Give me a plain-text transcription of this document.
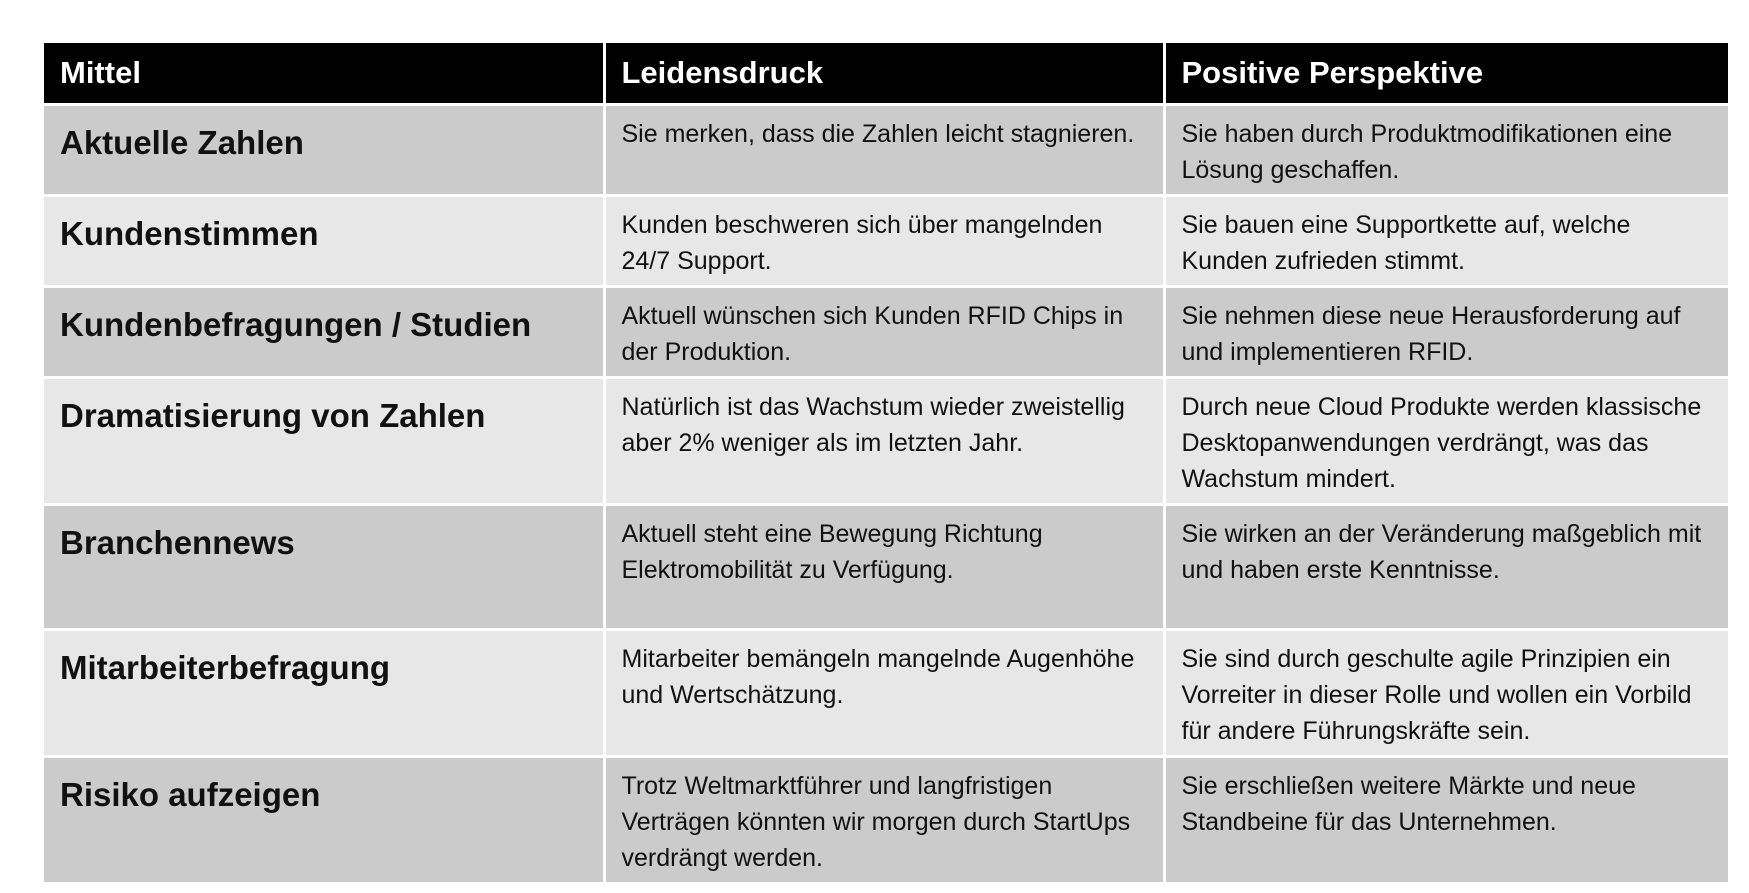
Mittel	Leidensdruck	Positive Perspektive
Aktuelle Zahlen	Sie merken, dass die Zahlen leicht stagnieren.	Sie haben durch Produktmodifikationen eine Lösung geschaffen.
Kundenstimmen	Kunden beschweren sich über mangelnden 24/7 Support.	Sie bauen eine Supportkette auf, welche Kunden zufrieden stimmt.
Kundenbefragungen / Studien	Aktuell wünschen sich Kunden RFID Chips in der Produktion.	Sie nehmen diese neue Herausforderung auf und implementieren RFID.
Dramatisierung von Zahlen	Natürlich ist das Wachstum wieder zweistellig aber 2% weniger als im letzten Jahr.	Durch neue Cloud Produkte werden klassische Desktopanwendungen verdrängt, was das Wachstum mindert.
Branchennews	Aktuell steht eine Bewegung Richtung Elektromobilität zu Verfügung.	Sie wirken an der Veränderung maßgeblich mit und haben erste Kenntnisse.
Mitarbeiterbefragung	Mitarbeiter bemängeln mangelnde Augenhöhe und Wertschätzung.	Sie sind durch geschulte agile Prinzipien ein Vorreiter in dieser Rolle und wollen ein Vorbild für andere Führungskräfte sein.
Risiko aufzeigen	Trotz Weltmarktführer und langfristigen Verträgen könnten wir morgen durch StartUps verdrängt werden.	Sie erschließen weitere Märkte und neue Standbeine für das Unternehmen.
